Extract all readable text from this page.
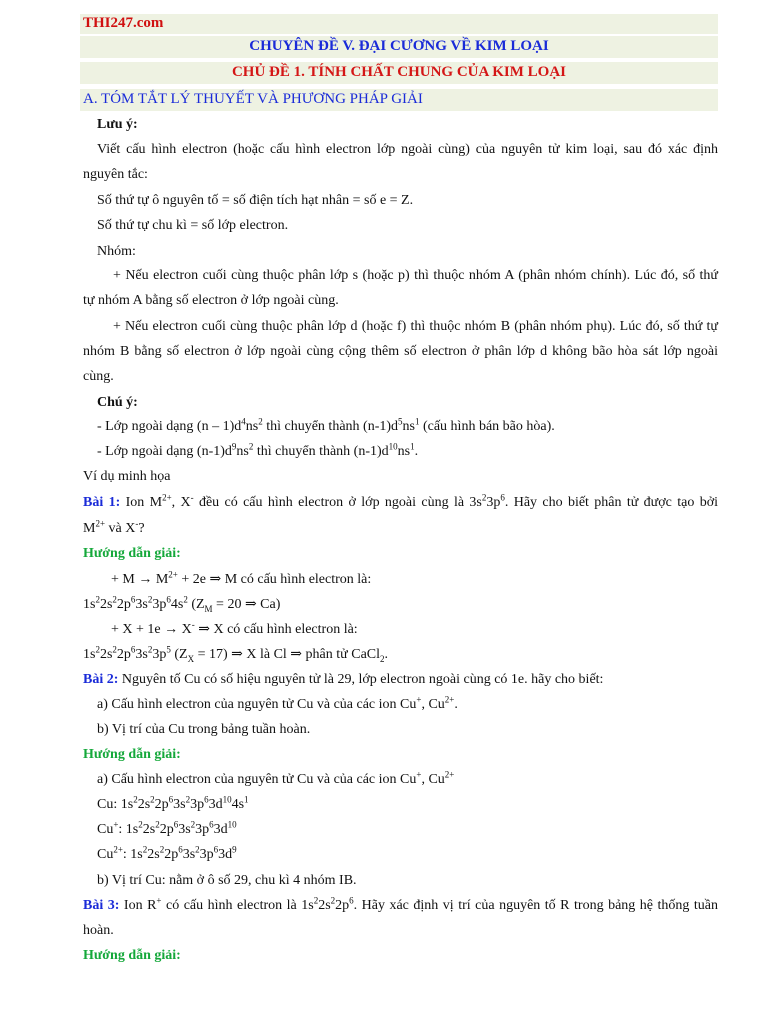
THI247.com
CHUYÊN ĐỀ V. ĐẠI CƯƠNG VỀ KIM LOẠI
CHỦ ĐỀ 1. TÍNH CHẤT CHUNG CỦA KIM LOẠI
A. TÓM TẮT LÝ THUYẾT VÀ PHƯƠNG PHÁP GIẢI
Lưu ý:
Viết cấu hình electron (hoặc cấu hình electron lớp ngoài cùng) của nguyên tử kim loại, sau đó xác định
nguyên tắc:
Số thứ tự ô nguyên tố = số điện tích hạt nhân = số e = Z.
Số thứ tự chu kì = số lớp electron.
Nhóm:
+ Nếu electron cuối cùng thuộc phân lớp s (hoặc p) thì thuộc nhóm A (phân nhóm chính). Lúc đó, số thứ
tự nhóm A bằng số electron ở lớp ngoài cùng.
+ Nếu electron cuối cùng thuộc phân lớp d (hoặc f) thì thuộc nhóm B (phân nhóm phụ). Lúc đó, số thứ tự
nhóm B bằng số electron ở lớp ngoài cùng cộng thêm số electron ở phân lớp d không bão hòa sát lớp ngoài
cùng.
Chú ý:
- Lớp ngoài dạng $(n - 1)d^4ns^2$ thì chuyển thành $(n-1)d^5ns^1$ (cấu hình bán bão hòa).
- Lớp ngoài dạng $(n-1)d^9ns^2$ thì chuyển thành $(n-1)d^{10}ns^1$.
Ví dụ minh họa
Bài 1: Ion $M^{2+}$, X- đều có cấu hình electron ở lớp ngoài cùng là $3s^23p^6$. Hãy cho biết phân tử được tạo bởi
$M^{2+}$ và X-?
Hướng dẫn giải:
+ $M \to M^{2+} + 2e$ ⇒ M có cấu hình electron là:
$1s^22s^22p^63s^23p^64s^2$ ($Z_M = 20$ ⇒ Ca)
+ X + 1e → X- ⇒ X có cấu hình electron là:
$1s^22s^22p^63s^23p^5$ $(Z_X = 17)$ ⇒ X là Cl ⇒ phân tử CaCl$_2$.
Bài 2: Nguyên tố Cu có số hiệu nguyên tử là 29, lớp electron ngoài cùng có 1e. hãy cho biết:
a) Cấu hình electron của nguyên tử Cu và của các ion Cu+, $Cu^{2+}$.
b) Vị trí của Cu trong bảng tuần hoàn.
Hướng dẫn giải:
a) Cấu hình electron của nguyên tử Cu và của các ion Cu+, $Cu^{2+}$
Cu: $1s^22s^22p^63s^23p^63d^{10}4s^1$
Cu+: $1s^22s^22p^63s^23p^63d^{10}$
$Cu^{2+}$: $1s^22s^22p^63s^23p^63d^9$
b) Vị trí Cu: nằm ở ô số 29, chu kì 4 nhóm IB.
Bài 3: Ion R+ có cấu hình electron là $1s^22s^22p^6$. Hãy xác định vị trí của nguyên tố R trong bảng hệ thống tuần
hoàn.
Hướng dẫn giải:
